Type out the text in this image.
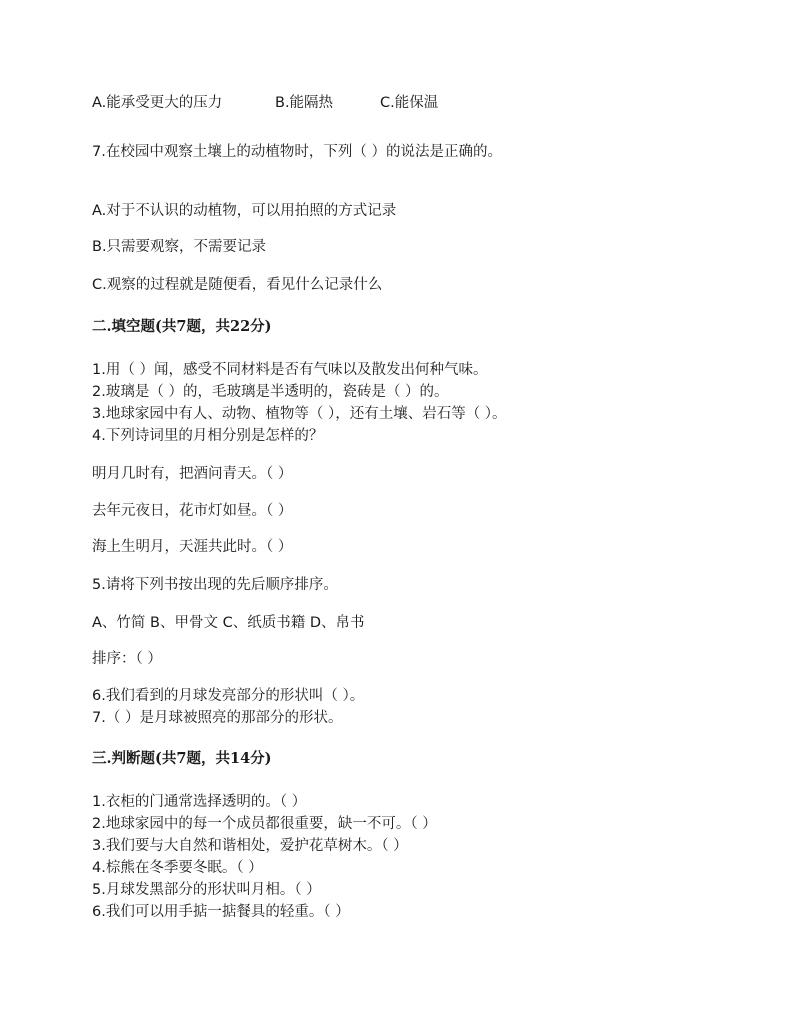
A.能承受更大的压力	B.能隔热	C.能保温
7.在校园中观察土壤上的动植物时，下列（ ）的说法是正确的。
A.对于不认识的动植物，可以用拍照的方式记录
B.只需要观察，不需要记录
C.观察的过程就是随便看，看见什么记录什么
二.填空题(共7题，共22分)
1.用（ ）闻，感受不同材料是否有气味以及散发出何种气味。
2.玻璃是（ ）的，毛玻璃是半透明的，瓷砖是（ ）的。
3.地球家园中有人、动物、植物等（ ），还有土壤、岩石等（ ）。
4.下列诗词里的月相分别是怎样的？
明月几时有，把酒问青天。（ ）
去年元夜日，花市灯如昼。（ ）
海上生明月，天涯共此时。（ ）
5.请将下列书按出现的先后顺序排序。
A、竹简 B、甲骨文 C、纸质书籍 D、帛书
排序：（ ）
6.我们看到的月球发亮部分的形状叫（ ）。
7.（ ）是月球被照亮的那部分的形状。
三.判断题(共7题，共14分)
1.衣柜的门通常选择透明的。（ ）
2.地球家园中的每一个成员都很重要，缺一不可。（ ）
3.我们要与大自然和谐相处，爱护花草树木。（ ）
4.棕熊在冬季要冬眠。（ ）
5.月球发黑部分的形状叫月相。（ ）
6.我们可以用手掂一掂餐具的轻重。（ ）
